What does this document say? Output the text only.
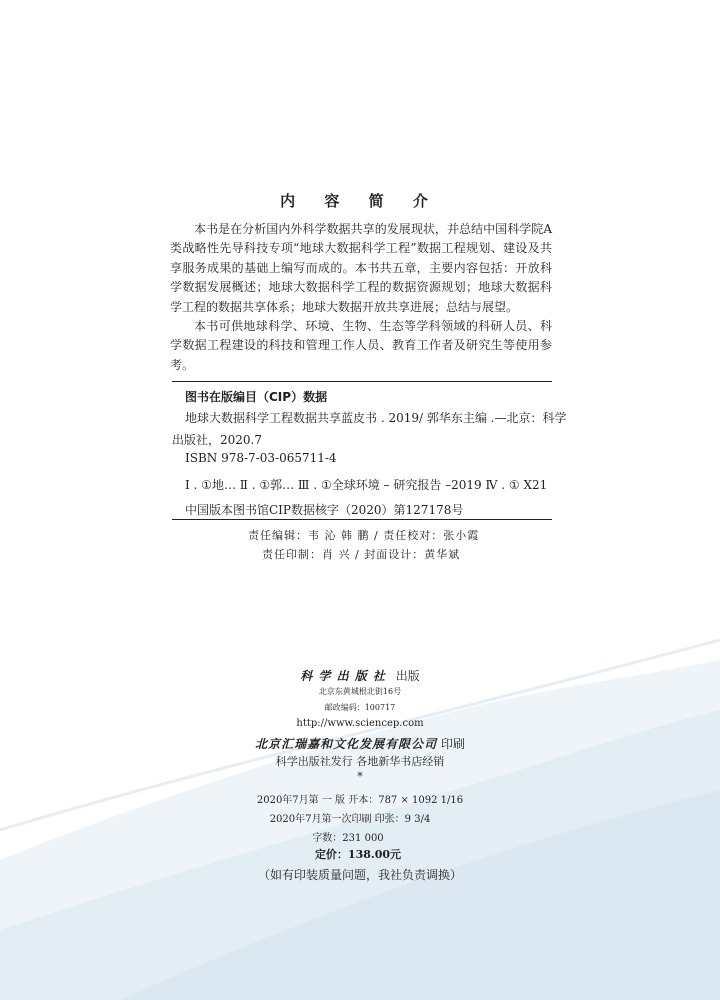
内 容 简 介

本书是在分析国内外科学数据共享的发展现状，并总结中国科学院A类战略性先导科技专项“地球大数据科学工程”数据工程规划、建设及共享服务成果的基础上编写而成的。本书共五章，主要内容包括：开放科学数据发展概述；地球大数据科学工程的数据资源规划；地球大数据科学工程的数据共享体系；地球大数据开放共享进展；总结与展望。

本书可供地球科学、环境、生物、生态等学科领域的科研人员、科学数据工程建设的科技和管理工作人员、教育工作者及研究生等使用参考。

图书在版编目（CIP）数据
地球大数据科学工程数据共享蓝皮书 . 2019/ 郭华东主编 .—北京：科学
出版社，2020.7
ISBN 978-7-03-065711-4
Ⅰ . ①地… Ⅱ . ①郭… Ⅲ . ①全球环境 – 研究报告 –2019 Ⅳ . ① X21
中国版本图书馆CIP数据核字（2020）第127178号
责任编辑：韦 沁 韩 鹏 / 责任校对：张小霞
责任印制：肖 兴 / 封面设计：黄华斌
科 学 出 版 社 出版
北京东黄城根北街16号
邮政编码：100717
http://www.sciencep.com
北京汇瑞嘉和文化发展有限公司 印刷
科学出版社发行 各地新华书店经销
*
2020年7月第 一 版 开本：787 × 1092 1/16
2020年7月第一次印刷 印张：9 3/4
字数：231 000
定价：138.00元
（如有印装质量问题，我社负责调换）
